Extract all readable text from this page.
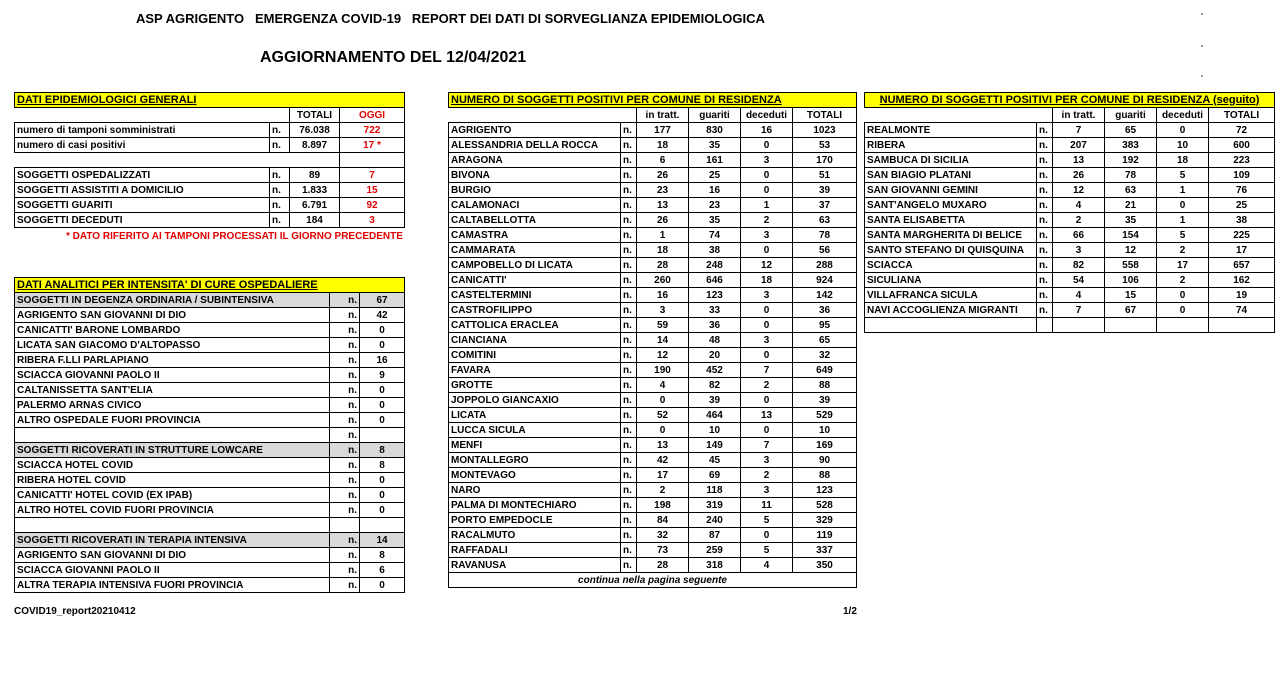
ASP AGRIGENTO   EMERGENZA COVID-19   REPORT DEI DATI DI SORVEGLIANZA EPIDEMIOLOGICA
AGGIORNAMENTO DEL 12/04/2021
DATI EPIDEMIOLOGICI GENERALI			
		TOTALI	OGGI
numero di tamponi somministrati	n.	76.038	722
numero di casi positivi	n.	8.897	17 *

SOGGETTI OSPEDALIZZATI	n.	89	7
SOGGETTI ASSISTITI A DOMICILIO	n.	1.833	15
SOGGETTI GUARITI	n.	6.791	92
SOGGETTI DECEDUTI	n.	184	3
* DATO RIFERITO AI TAMPONI PROCESSATI IL GIORNO PRECEDENTE
DATI ANALITICI PER INTENSITA' DI CURE OSPEDALIERE		
SOGGETTI IN DEGENZA ORDINARIA / SUBINTENSIVA	n.	67
AGRIGENTO SAN GIOVANNI DI DIO	n.	42
CANICATTI' BARONE LOMBARDO	n.	0
LICATA SAN GIACOMO D'ALTOPASSO	n.	0
RIBERA F.LLI PARLAPIANO	n.	16
SCIACCA GIOVANNI PAOLO II	n.	9
CALTANISSETTA SANT'ELIA	n.	0
PALERMO ARNAS CIVICO	n.	0
ALTRO OSPEDALE FUORI PROVINCIA	n.	0
	n.	
SOGGETTI RICOVERATI IN STRUTTURE LOWCARE	n.	8
SCIACCA HOTEL COVID	n.	8
RIBERA HOTEL COVID	n.	0
CANICATTI' HOTEL COVID (EX IPAB)	n.	0
ALTRO HOTEL COVID FUORI PROVINCIA	n.	0

SOGGETTI RICOVERATI IN TERAPIA INTENSIVA	n.	14
AGRIGENTO SAN GIOVANNI DI DIO	n.	8
SCIACCA GIOVANNI PAOLO II	n.	6
ALTRA TERAPIA INTENSIVA FUORI PROVINCIA	n.	0
NUMERO DI SOGGETTI POSITIVI PER COMUNE DI RESIDENZA					
		in tratt.	guariti	deceduti	TOTALI
AGRIGENTO	n.	177	830	16	1023
ALESSANDRIA DELLA ROCCA	n.	18	35	0	53
ARAGONA	n.	6	161	3	170
BIVONA	n.	26	25	0	51
BURGIO	n.	23	16	0	39
CALAMONACI	n.	13	23	1	37
CALTABELLOTTA	n.	26	35	2	63
CAMASTRA	n.	1	74	3	78
CAMMARATA	n.	18	38	0	56
CAMPOBELLO DI LICATA	n.	28	248	12	288
CANICATTI'	n.	260	646	18	924
CASTELTERMINI	n.	16	123	3	142
CASTROFILIPPO	n.	3	33	0	36
CATTOLICA ERACLEA	n.	59	36	0	95
CIANCIANA	n.	14	48	3	65
COMITINI	n.	12	20	0	32
FAVARA	n.	190	452	7	649
GROTTE	n.	4	82	2	88
JOPPOLO GIANCAXIO	n.	0	39	0	39
LICATA	n.	52	464	13	529
LUCCA SICULA	n.	0	10	0	10
MENFI	n.	13	149	7	169
MONTALLEGRO	n.	42	45	3	90
MONTEVAGO	n.	17	69	2	88
NARO	n.	2	118	3	123
PALMA DI MONTECHIARO	n.	198	319	11	528
PORTO EMPEDOCLE	n.	84	240	5	329
RACALMUTO	n.	32	87	0	119
RAFFADALI	n.	73	259	5	337
RAVANUSA	n.	28	318	4	350
continua nella pagina seguente					
NUMERO DI SOGGETTI POSITIVI PER COMUNE DI RESIDENZA (seguito)					
		in tratt.	guariti	deceduti	TOTALI
REALMONTE	n.	7	65	0	72
RIBERA	n.	207	383	10	600
SAMBUCA DI SICILIA	n.	13	192	18	223
SAN BIAGIO PLATANI	n.	26	78	5	109
SAN GIOVANNI GEMINI	n.	12	63	1	76
SANT'ANGELO MUXARO	n.	4	21	0	25
SANTA ELISABETTA	n.	2	35	1	38
SANTA MARGHERITA DI BELICE	n.	66	154	5	225
SANTO STEFANO DI QUISQUINA	n.	3	12	2	17
SCIACCA	n.	82	558	17	657
SICULIANA	n.	54	106	2	162
VILLAFRANCA SICULA	n.	4	15	0	19
NAVI ACCOGLIENZA MIGRANTI	n.	7	67	0	74

COVID19_report20210412	1/2
